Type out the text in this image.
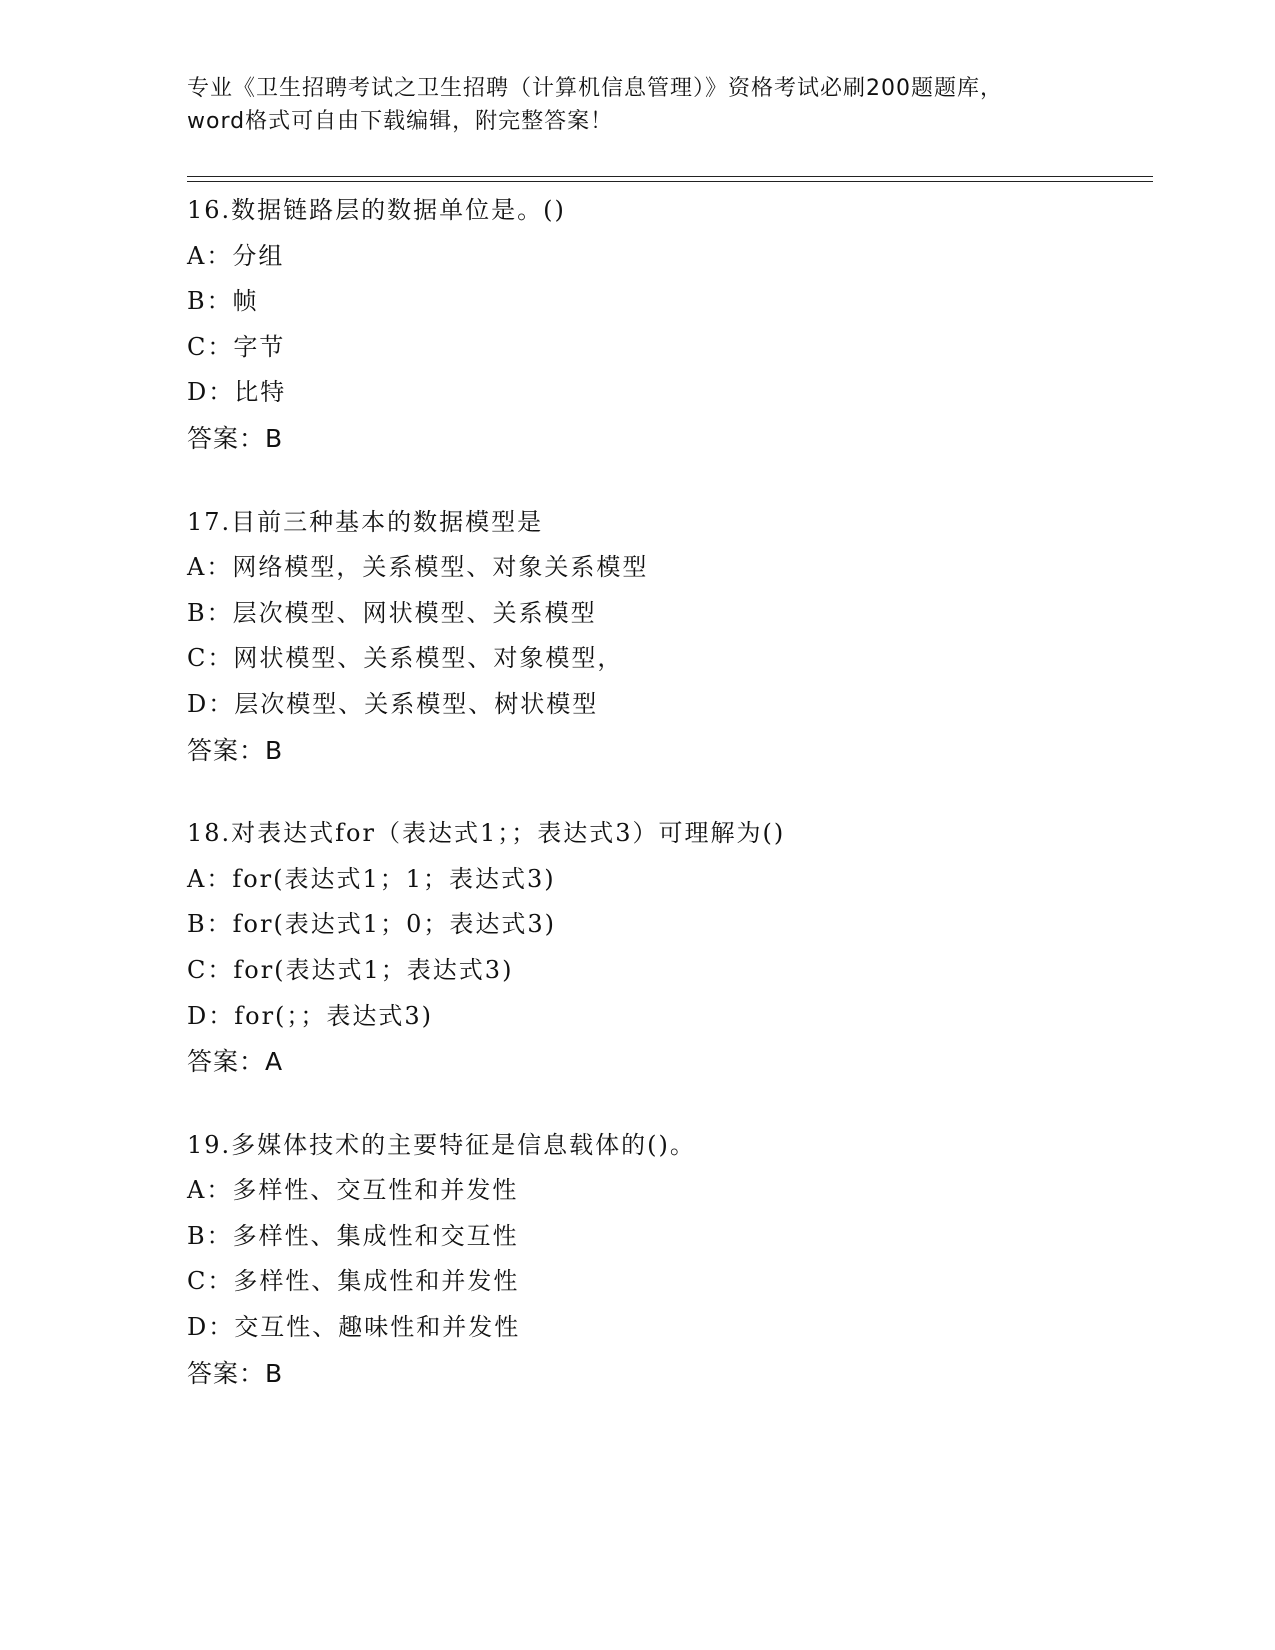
专业《卫生招聘考试之卫生招聘（计算机信息管理）》资格考试必刷200题题库，
word格式可自由下载编辑，附完整答案！
16.数据链路层的数据单位是。()
A：分组
B：帧
C：字节
D：比特
答案：B
17.目前三种基本的数据模型是
A：网络模型，关系模型、对象关系模型
B：层次模型、网状模型、关系模型
C：网状模型、关系模型、对象模型，
D：层次模型、关系模型、树状模型
答案：B
18.对表达式for（表达式1；；表达式3）可理解为()
A：for(表达式1；1；表达式3)
B：for(表达式1；0；表达式3)
C：for(表达式1；表达式3)
D：for(；；表达式3)
答案：A
19.多媒体技术的主要特征是信息载体的()。
A：多样性、交互性和并发性
B：多样性、集成性和交互性
C：多样性、集成性和并发性
D：交互性、趣味性和并发性
答案：B
